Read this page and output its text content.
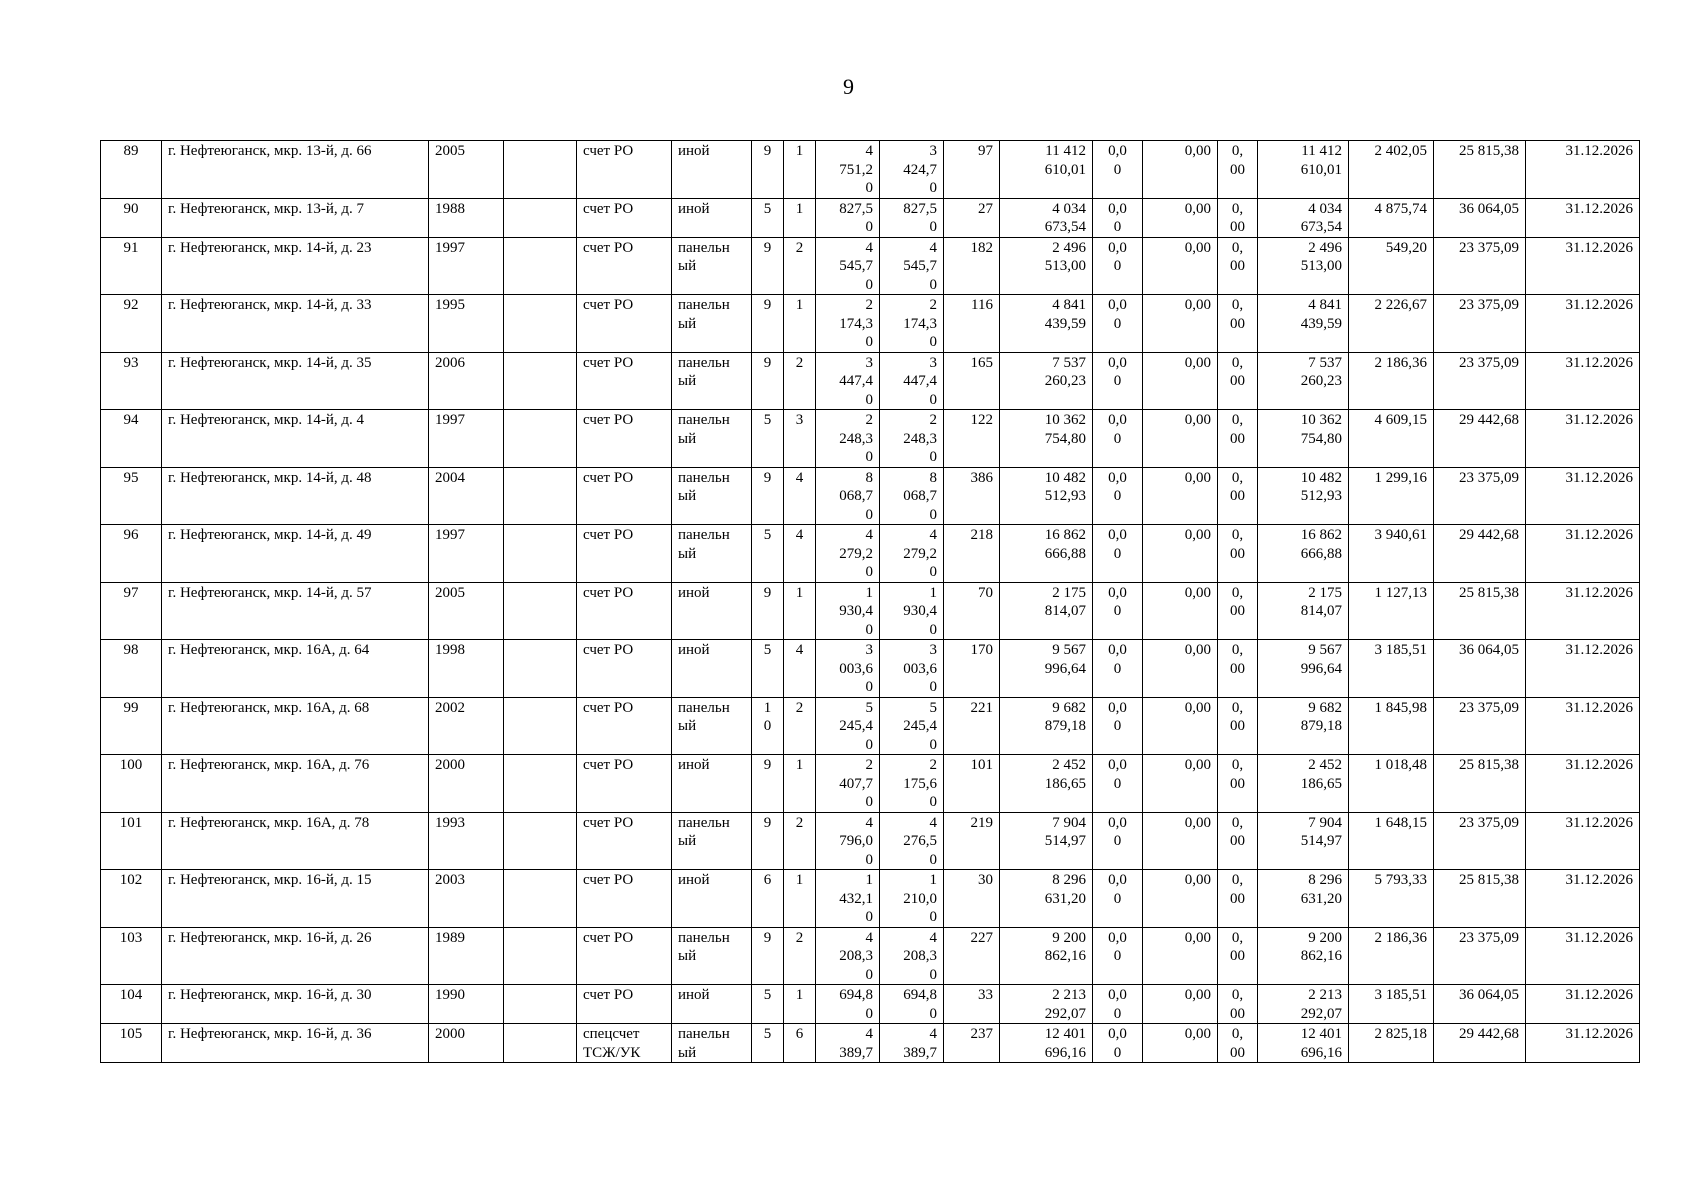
9
89	г. Нефтеюганск, мкр. 13-й, д. 66	2005		счет РО	иной	9	1	4
751,2
0	3
424,7
0	97	11 412
610,01	0,0
0	0,00	0,
00	11 412
610,01	2 402,05	25 815,38	31.12.2026
90	г. Нефтеюганск, мкр. 13-й, д. 7	1988		счет РО	иной	5	1	827,5
0	827,5
0	27	4 034
673,54	0,0
0	0,00	0,
00	4 034
673,54	4 875,74	36 064,05	31.12.2026
91	г. Нефтеюганск, мкр. 14-й, д. 23	1997		счет РО	панельн
ый	9	2	4
545,7
0	4
545,7
0	182	2 496
513,00	0,0
0	0,00	0,
00	2 496
513,00	549,20	23 375,09	31.12.2026
92	г. Нефтеюганск, мкр. 14-й, д. 33	1995		счет РО	панельн
ый	9	1	2
174,3
0	2
174,3
0	116	4 841
439,59	0,0
0	0,00	0,
00	4 841
439,59	2 226,67	23 375,09	31.12.2026
93	г. Нефтеюганск, мкр. 14-й, д. 35	2006		счет РО	панельн
ый	9	2	3
447,4
0	3
447,4
0	165	7 537
260,23	0,0
0	0,00	0,
00	7 537
260,23	2 186,36	23 375,09	31.12.2026
94	г. Нефтеюганск, мкр. 14-й, д. 4	1997		счет РО	панельн
ый	5	3	2
248,3
0	2
248,3
0	122	10 362
754,80	0,0
0	0,00	0,
00	10 362
754,80	4 609,15	29 442,68	31.12.2026
95	г. Нефтеюганск, мкр. 14-й, д. 48	2004		счет РО	панельн
ый	9	4	8
068,7
0	8
068,7
0	386	10 482
512,93	0,0
0	0,00	0,
00	10 482
512,93	1 299,16	23 375,09	31.12.2026
96	г. Нефтеюганск, мкр. 14-й, д. 49	1997		счет РО	панельн
ый	5	4	4
279,2
0	4
279,2
0	218	16 862
666,88	0,0
0	0,00	0,
00	16 862
666,88	3 940,61	29 442,68	31.12.2026
97	г. Нефтеюганск, мкр. 14-й, д. 57	2005		счет РО	иной	9	1	1
930,4
0	1
930,4
0	70	2 175
814,07	0,0
0	0,00	0,
00	2 175
814,07	1 127,13	25 815,38	31.12.2026
98	г. Нефтеюганск, мкр. 16А, д. 64	1998		счет РО	иной	5	4	3
003,6
0	3
003,6
0	170	9 567
996,64	0,0
0	0,00	0,
00	9 567
996,64	3 185,51	36 064,05	31.12.2026
99	г. Нефтеюганск, мкр. 16А, д. 68	2002		счет РО	панельн
ый	1
0	2	5
245,4
0	5
245,4
0	221	9 682
879,18	0,0
0	0,00	0,
00	9 682
879,18	1 845,98	23 375,09	31.12.2026
100	г. Нефтеюганск, мкр. 16А, д. 76	2000		счет РО	иной	9	1	2
407,7
0	2
175,6
0	101	2 452
186,65	0,0
0	0,00	0,
00	2 452
186,65	1 018,48	25 815,38	31.12.2026
101	г. Нефтеюганск, мкр. 16А, д. 78	1993		счет РО	панельн
ый	9	2	4
796,0
0	4
276,5
0	219	7 904
514,97	0,0
0	0,00	0,
00	7 904
514,97	1 648,15	23 375,09	31.12.2026
102	г. Нефтеюганск, мкр. 16-й, д. 15	2003		счет РО	иной	6	1	1
432,1
0	1
210,0
0	30	8 296
631,20	0,0
0	0,00	0,
00	8 296
631,20	5 793,33	25 815,38	31.12.2026
103	г. Нефтеюганск, мкр. 16-й, д. 26	1989		счет РО	панельн
ый	9	2	4
208,3
0	4
208,3
0	227	9 200
862,16	0,0
0	0,00	0,
00	9 200
862,16	2 186,36	23 375,09	31.12.2026
104	г. Нефтеюганск, мкр. 16-й, д. 30	1990		счет РО	иной	5	1	694,8
0	694,8
0	33	2 213
292,07	0,0
0	0,00	0,
00	2 213
292,07	3 185,51	36 064,05	31.12.2026
105	г. Нефтеюганск, мкр. 16-й, д. 36	2000		спецсчет
ТСЖ/УК	панельн
ый	5	6	4
389,7	4
389,7	237	12 401
696,16	0,0
0	0,00	0,
00	12 401
696,16	2 825,18	29 442,68	31.12.2026
